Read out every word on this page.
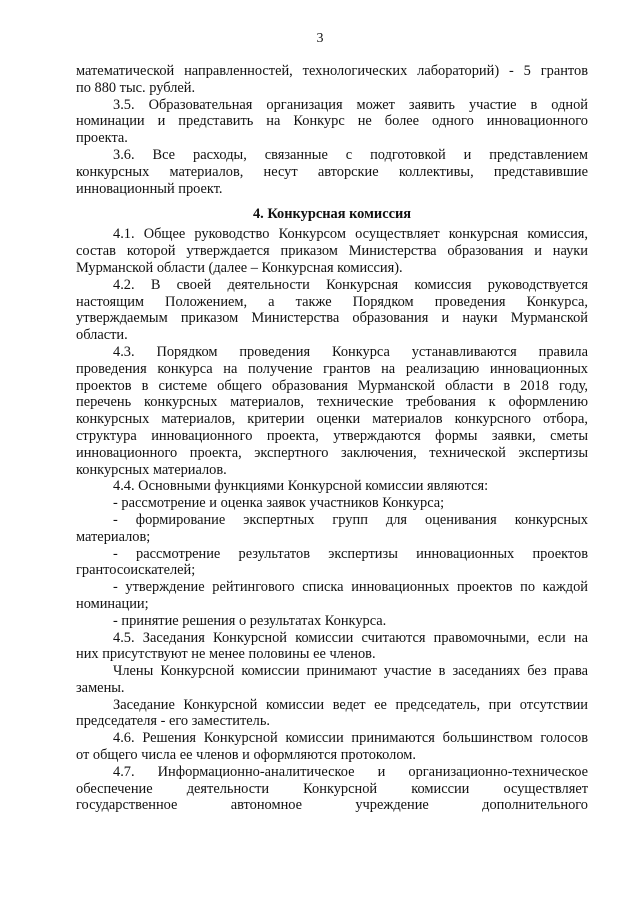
3
математической направленностей, технологических лабораторий) - 5 грантов
по 880 тыс. рублей.
3.5. Образовательная организация может заявить участие в одной
номинации и представить на Конкурс не более одного инновационного
проекта.
3.6. Все расходы, связанные с подготовкой и представлением
конкурсных материалов, несут авторские коллективы, представившие
инновационный проект.
4. Конкурсная комиссия
4.1. Общее руководство Конкурсом осуществляет конкурсная комиссия,
состав которой утверждается приказом Министерства образования и науки
Мурманской области (далее – Конкурсная комиссия).
4.2. В своей деятельности Конкурсная комиссия руководствуется
настоящим Положением, а также Порядком проведения Конкурса,
утверждаемым приказом Министерства образования и науки Мурманской
области.
4.3. Порядком проведения Конкурса устанавливаются правила
проведения конкурса на получение грантов на реализацию инновационных
проектов в системе общего образования Мурманской области в 2018 году,
перечень конкурсных материалов, технические требования к оформлению
конкурсных материалов, критерии оценки материалов конкурсного отбора,
структура инновационного проекта, утверждаются формы заявки, сметы
инновационного проекта, экспертного заключения, технической экспертизы
конкурсных материалов.
4.4. Основными функциями Конкурсной комиссии являются:
- рассмотрение и оценка заявок участников Конкурса;
- формирование экспертных групп для оценивания конкурсных
материалов;
- рассмотрение результатов экспертизы инновационных проектов
грантосоискателей;
- утверждение рейтингового списка инновационных проектов по каждой
номинации;
- принятие решения о результатах Конкурса.
4.5. Заседания Конкурсной комиссии считаются правомочными, если на
них присутствуют не менее половины ее членов.
Члены Конкурсной комиссии принимают участие в заседаниях без права
замены.
Заседание Конкурсной комиссии ведет ее председатель, при отсутствии
председателя - его заместитель.
4.6. Решения Конкурсной комиссии принимаются большинством голосов
от общего числа ее членов и оформляются протоколом.
4.7. Информационно-аналитическое и организационно-техническое
обеспечение деятельности Конкурсной комиссии осуществляет
государственное автономное учреждение дополнительного
